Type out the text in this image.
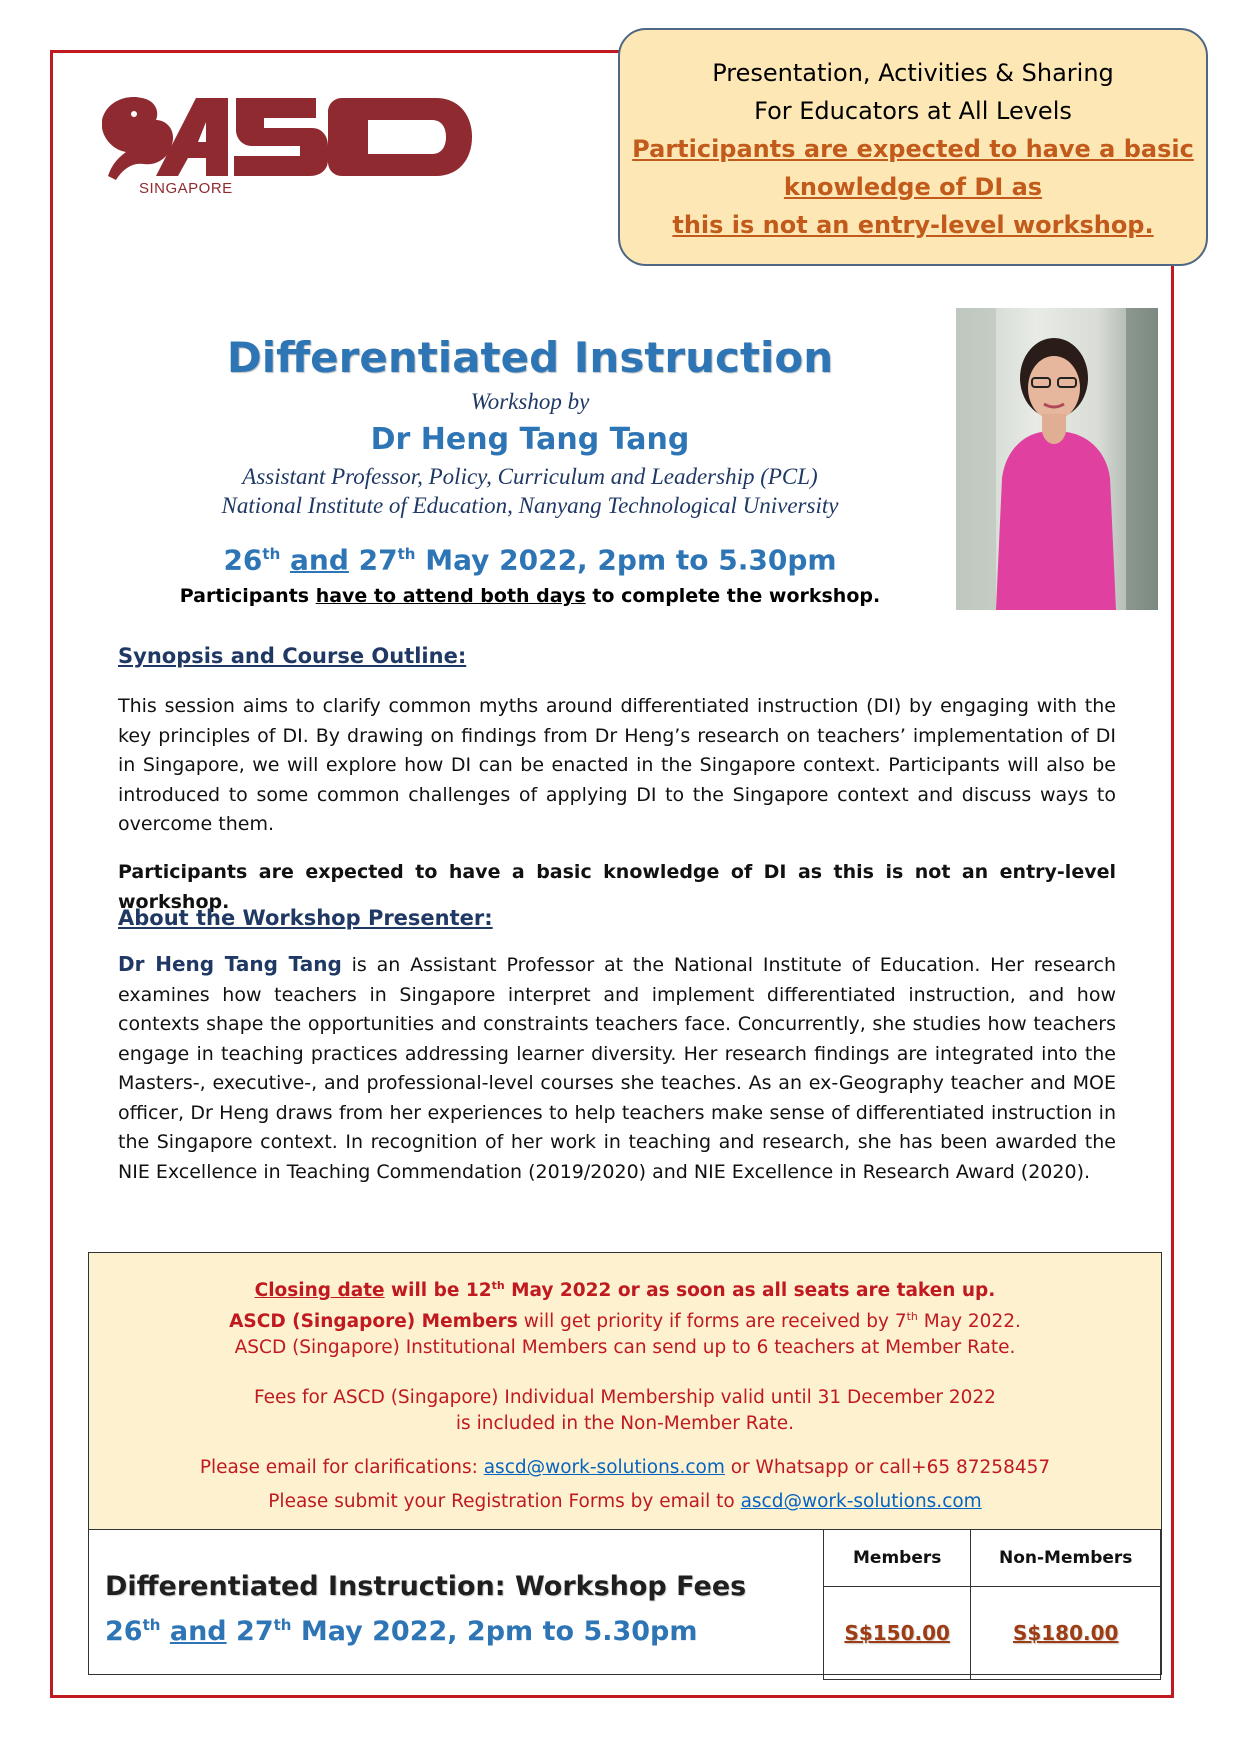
SINGAPORE
Presentation, Activities & Sharing
For Educators at All Levels
Participants are expected to have a basic
knowledge of DI as
this is not an entry-level workshop.
Differentiated Instruction
Workshop by
Dr Heng Tang Tang
Assistant Professor, Policy, Curriculum and Leadership (PCL)
National Institute of Education, Nanyang Technological University
26th and 27th May 2022, 2pm to 5.30pm
Participants have to attend both days to complete the workshop.
Synopsis and Course Outline:
This session aims to clarify common myths around differentiated instruction (DI) by engaging with the key principles of DI. By drawing on findings from Dr Heng’s research on teachers’ implementation of DI in Singapore, we will explore how DI can be enacted in the Singapore context. Participants will also be introduced to some common challenges of applying DI to the Singapore context and discuss ways to overcome them.
Participants are expected to have a basic knowledge of DI as this is not an entry-level workshop.
About the Workshop Presenter:
Dr Heng Tang Tang is an Assistant Professor at the National Institute of Education. Her research examines how teachers in Singapore interpret and implement differentiated instruction, and how contexts shape the opportunities and constraints teachers face. Concurrently, she studies how teachers engage in teaching practices addressing learner diversity. Her research findings are integrated into the Masters-, executive-, and professional-level courses she teaches. As an ex-Geography teacher and MOE officer, Dr Heng draws from her experiences to help teachers make sense of differentiated instruction in the Singapore context. In recognition of her work in teaching and research, she has been awarded the NIE Excellence in Teaching Commendation (2019/2020) and NIE Excellence in Research Award (2020).
Closing date will be 12th May 2022 or as soon as all seats are taken up.
ASCD (Singapore) Members will get priority if forms are received by 7th May 2022.
ASCD (Singapore) Institutional Members can send up to 6 teachers at Member Rate.
Fees for ASCD (Singapore) Individual Membership valid until 31 December 2022
is included in the Non-Member Rate.
Please email for clarifications: ascd@work-solutions.com or Whatsapp or call+65 87258457
Please submit your Registration Forms by email to ascd@work-solutions.com
Differentiated Instruction: Workshop Fees
26th and 27th May 2022, 2pm to 5.30pm
Members	Non-Members
S$150.00	S$180.00
